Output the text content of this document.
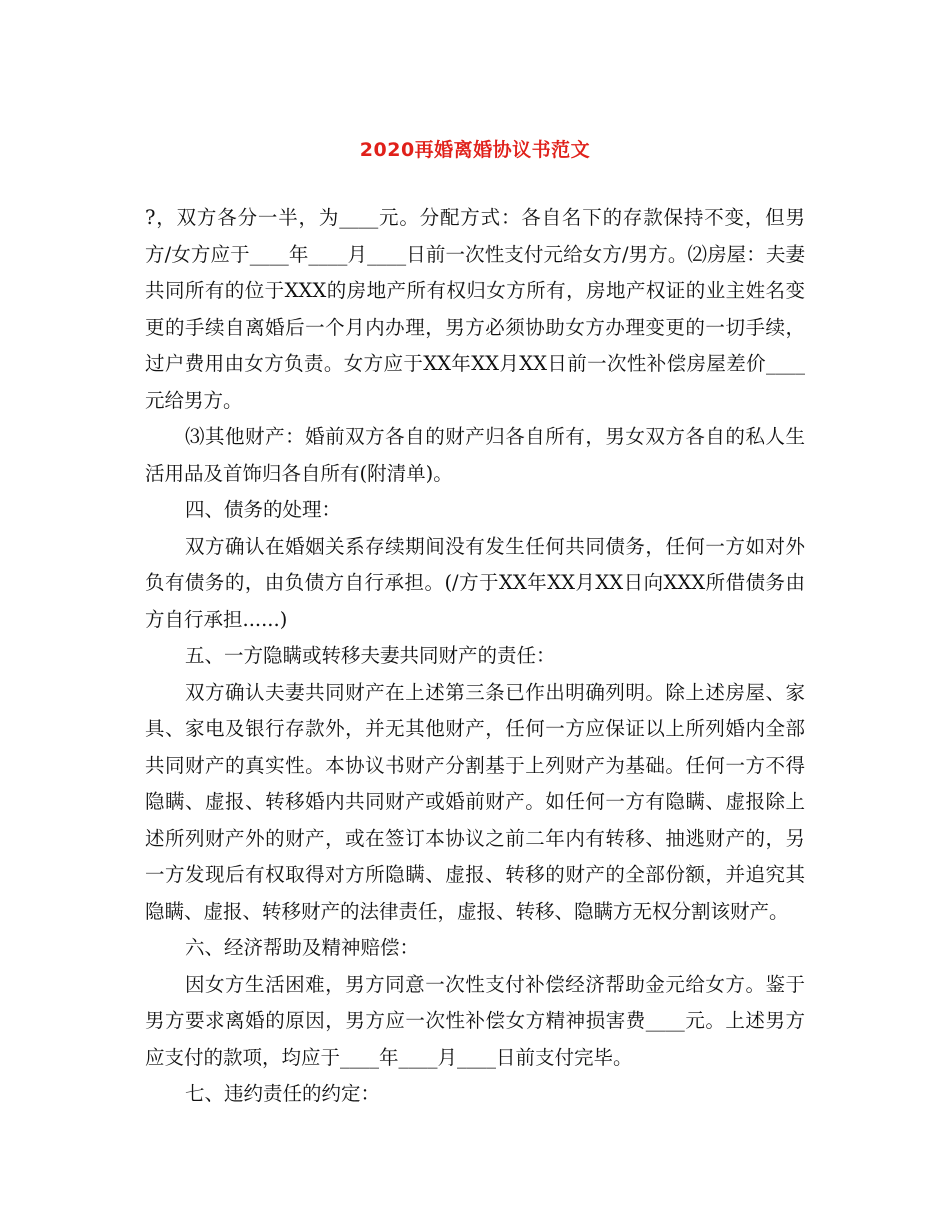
2020再婚离婚协议书范文

?，双方各分一半，为____元。分配方式：各自名下的存款保持不变，但男方/女方应于____年____月____日前一次性支付元给女方/男方。⑵房屋：夫妻共同所有的位于XXX的房地产所有权归女方所有，房地产权证的业主姓名变更的手续自离婚后一个月内办理，男方必须协助女方办理变更的一切手续，过户费用由女方负责。女方应于XX年XX月XX日前一次性补偿房屋差价____元给男方。

⑶其他财产：婚前双方各自的财产归各自所有，男女双方各自的私人生活用品及首饰归各自所有(附清单)。

四、债务的处理：

双方确认在婚姻关系存续期间没有发生任何共同债务，任何一方如对外负有债务的，由负债方自行承担。(/方于XX年XX月XX日向XXX所借债务由方自行承担......)

五、一方隐瞒或转移夫妻共同财产的责任：

双方确认夫妻共同财产在上述第三条已作出明确列明。除上述房屋、家具、家电及银行存款外，并无其他财产，任何一方应保证以上所列婚内全部共同财产的真实性。本协议书财产分割基于上列财产为基础。任何一方不得隐瞒、虚报、转移婚内共同财产或婚前财产。如任何一方有隐瞒、虚报除上述所列财产外的财产，或在签订本协议之前二年内有转移、抽逃财产的，另一方发现后有权取得对方所隐瞒、虚报、转移的财产的全部份额，并追究其隐瞒、虚报、转移财产的法律责任，虚报、转移、隐瞒方无权分割该财产。

六、经济帮助及精神赔偿：

因女方生活困难，男方同意一次性支付补偿经济帮助金元给女方。鉴于男方要求离婚的原因，男方应一次性补偿女方精神损害费____元。上述男方应支付的款项，均应于____年____月____日前支付完毕。

七、违约责任的约定：
